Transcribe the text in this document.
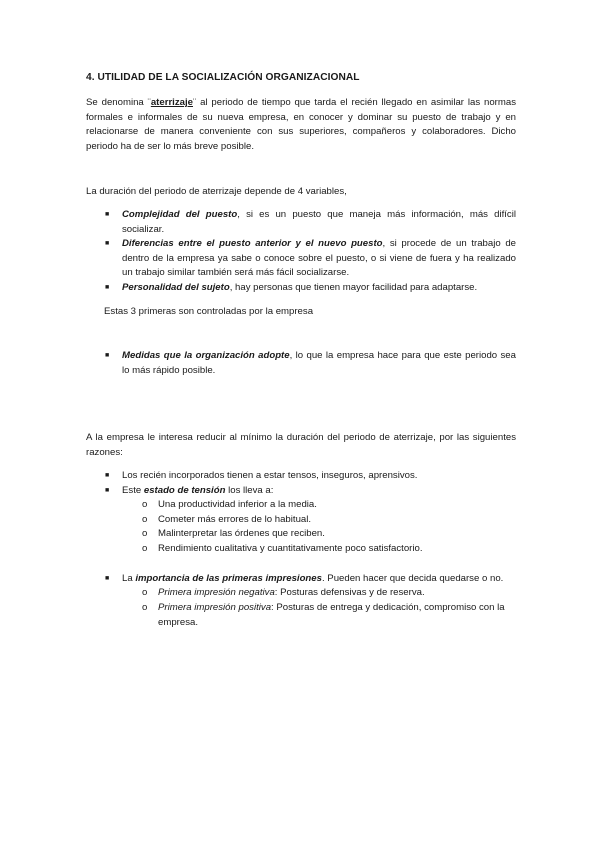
4. UTILIDAD DE LA SOCIALIZACIÓN ORGANIZACIONAL

Se denomina ¨aterrizaje¨ al periodo de tiempo que tarda el recién llegado en asimilar las normas formales e informales de su nueva empresa, en conocer y dominar su puesto de trabajo y en relacionarse de manera conveniente con sus superiores, compañeros y colaboradores. Dicho periodo ha de ser lo más breve posible.

La duración del periodo de aterrizaje depende de 4 variables,
■ Complejidad del puesto, si es un puesto que maneja más información, más difícil socializar.
■ Diferencias entre el puesto anterior y el nuevo puesto, si procede de un trabajo de dentro de la empresa ya sabe o conoce sobre el puesto, o si viene de fuera y ha realizado un trabajo similar también será más fácil socializarse.
■ Personalidad del sujeto, hay personas que tienen mayor facilidad para adaptarse.
Estas 3 primeras son controladas por la empresa
■ Medidas que la organización adopte, lo que la empresa hace para que este periodo sea lo más rápido posible.
A la empresa le interesa reducir al mínimo la duración del periodo de aterrizaje, por las siguientes razones:
■ Los recién incorporados tienen a estar tensos, inseguros, aprensivos.
■ Este estado de tensión los lleva a:
o Una productividad inferior a la media.
o Cometer más errores de lo habitual.
o Malinterpretar las órdenes que reciben.
o Rendimiento cualitativa y cuantitativamente poco satisfactorio.
■ La importancia de las primeras impresiones. Pueden hacer que decida quedarse o no.
o Primera impresión negativa: Posturas defensivas y de reserva.
o Primera impresión positiva: Posturas de entrega y dedicación, compromiso con la empresa.
